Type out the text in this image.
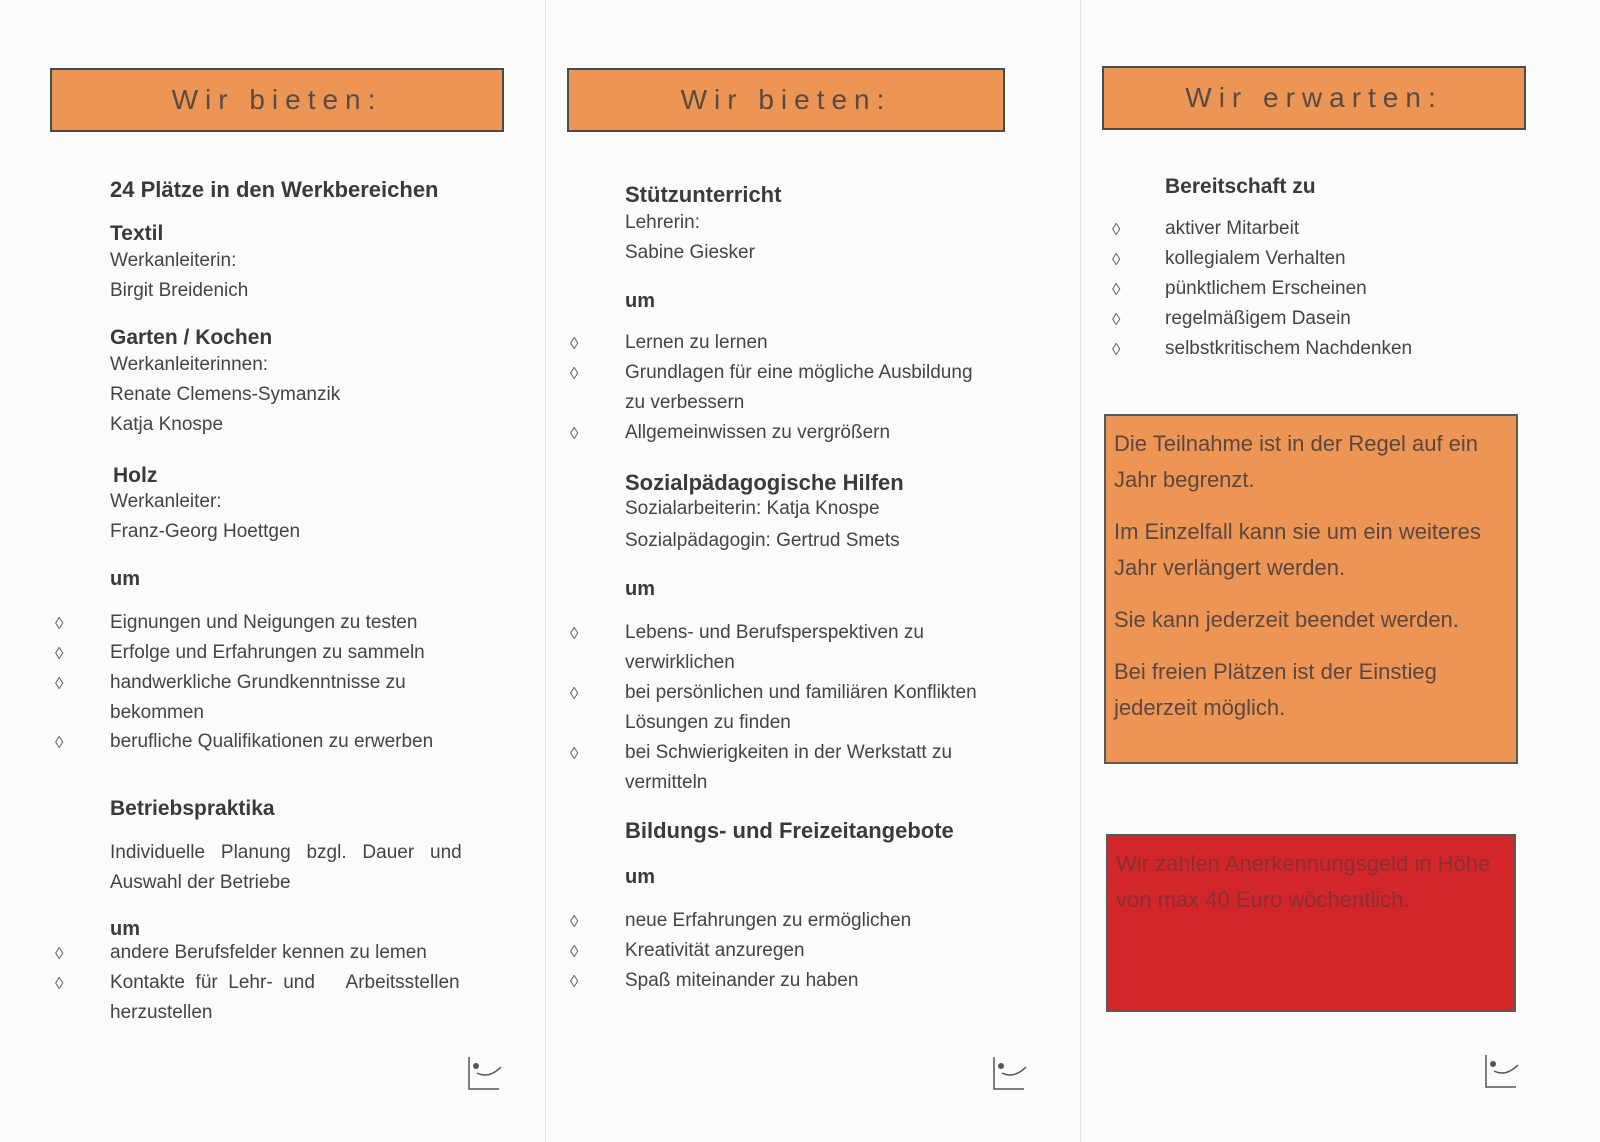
Wir bieten:
24 Plätze in den Werkbereichen
Textil
Werkanleiterin:
Birgit Breidenich
Garten / Kochen
Werkanleiterinnen:
Renate Clemens-Symanzik
Katja Knospe
Holz
Werkanleiter:
Franz-Georg Hoettgen
um
◊ Eignungen und Neigungen zu testen
◊ Erfolge und Erfahrungen zu sammeln
◊ handwerkliche Grundkenntnisse zu
bekommen
◊ berufliche Qualifikationen zu erwerben
Betriebspraktika
Individuelle   Planung   bzgl.   Dauer   und
Auswahl der Betriebe
um
◊ andere Berufsfelder kennen zu lemen
◊ Kontakte  für  Lehr-  und      Arbeitsstellen
herzustellen
Wir bieten:
Stützunterricht
Lehrerin:
Sabine Giesker
um
◊ Lernen zu lernen
◊ Grundlagen für eine mögliche Ausbildung
zu verbessern
◊ Allgemeinwissen zu vergrößern
Sozialpädagogische Hilfen
Sozialarbeiterin: Katja Knospe
Sozialpädagogin: Gertrud Smets
um
◊ Lebens- und Berufsperspektiven zu
verwirklichen
◊ bei persönlichen und familiären Konflikten
Lösungen zu finden
◊ bei Schwierigkeiten in der Werkstatt zu
vermitteln
Bildungs- und Freizeitangebote
um
◊ neue Erfahrungen zu ermöglichen
◊ Kreativität anzuregen
◊ Spaß miteinander zu haben
Wir erwarten:
Bereitschaft zu
◊ aktiver Mitarbeit
◊ kollegialem Verhalten
◊ pünktlichem Erscheinen
◊ regelmäßigem Dasein
◊ selbstkritischem Nachdenken

Die Teilnahme ist in der Regel auf ein Jahr begrenzt.

Im Einzelfall kann sie um ein weiteres Jahr verlängert werden.

Sie kann jederzeit beendet werden.

Bei freien Plätzen ist der Einstieg jederzeit möglich.

Wir zahlen Anerkennungsgeld in Höhe von max 40 Euro wöchentlich.
